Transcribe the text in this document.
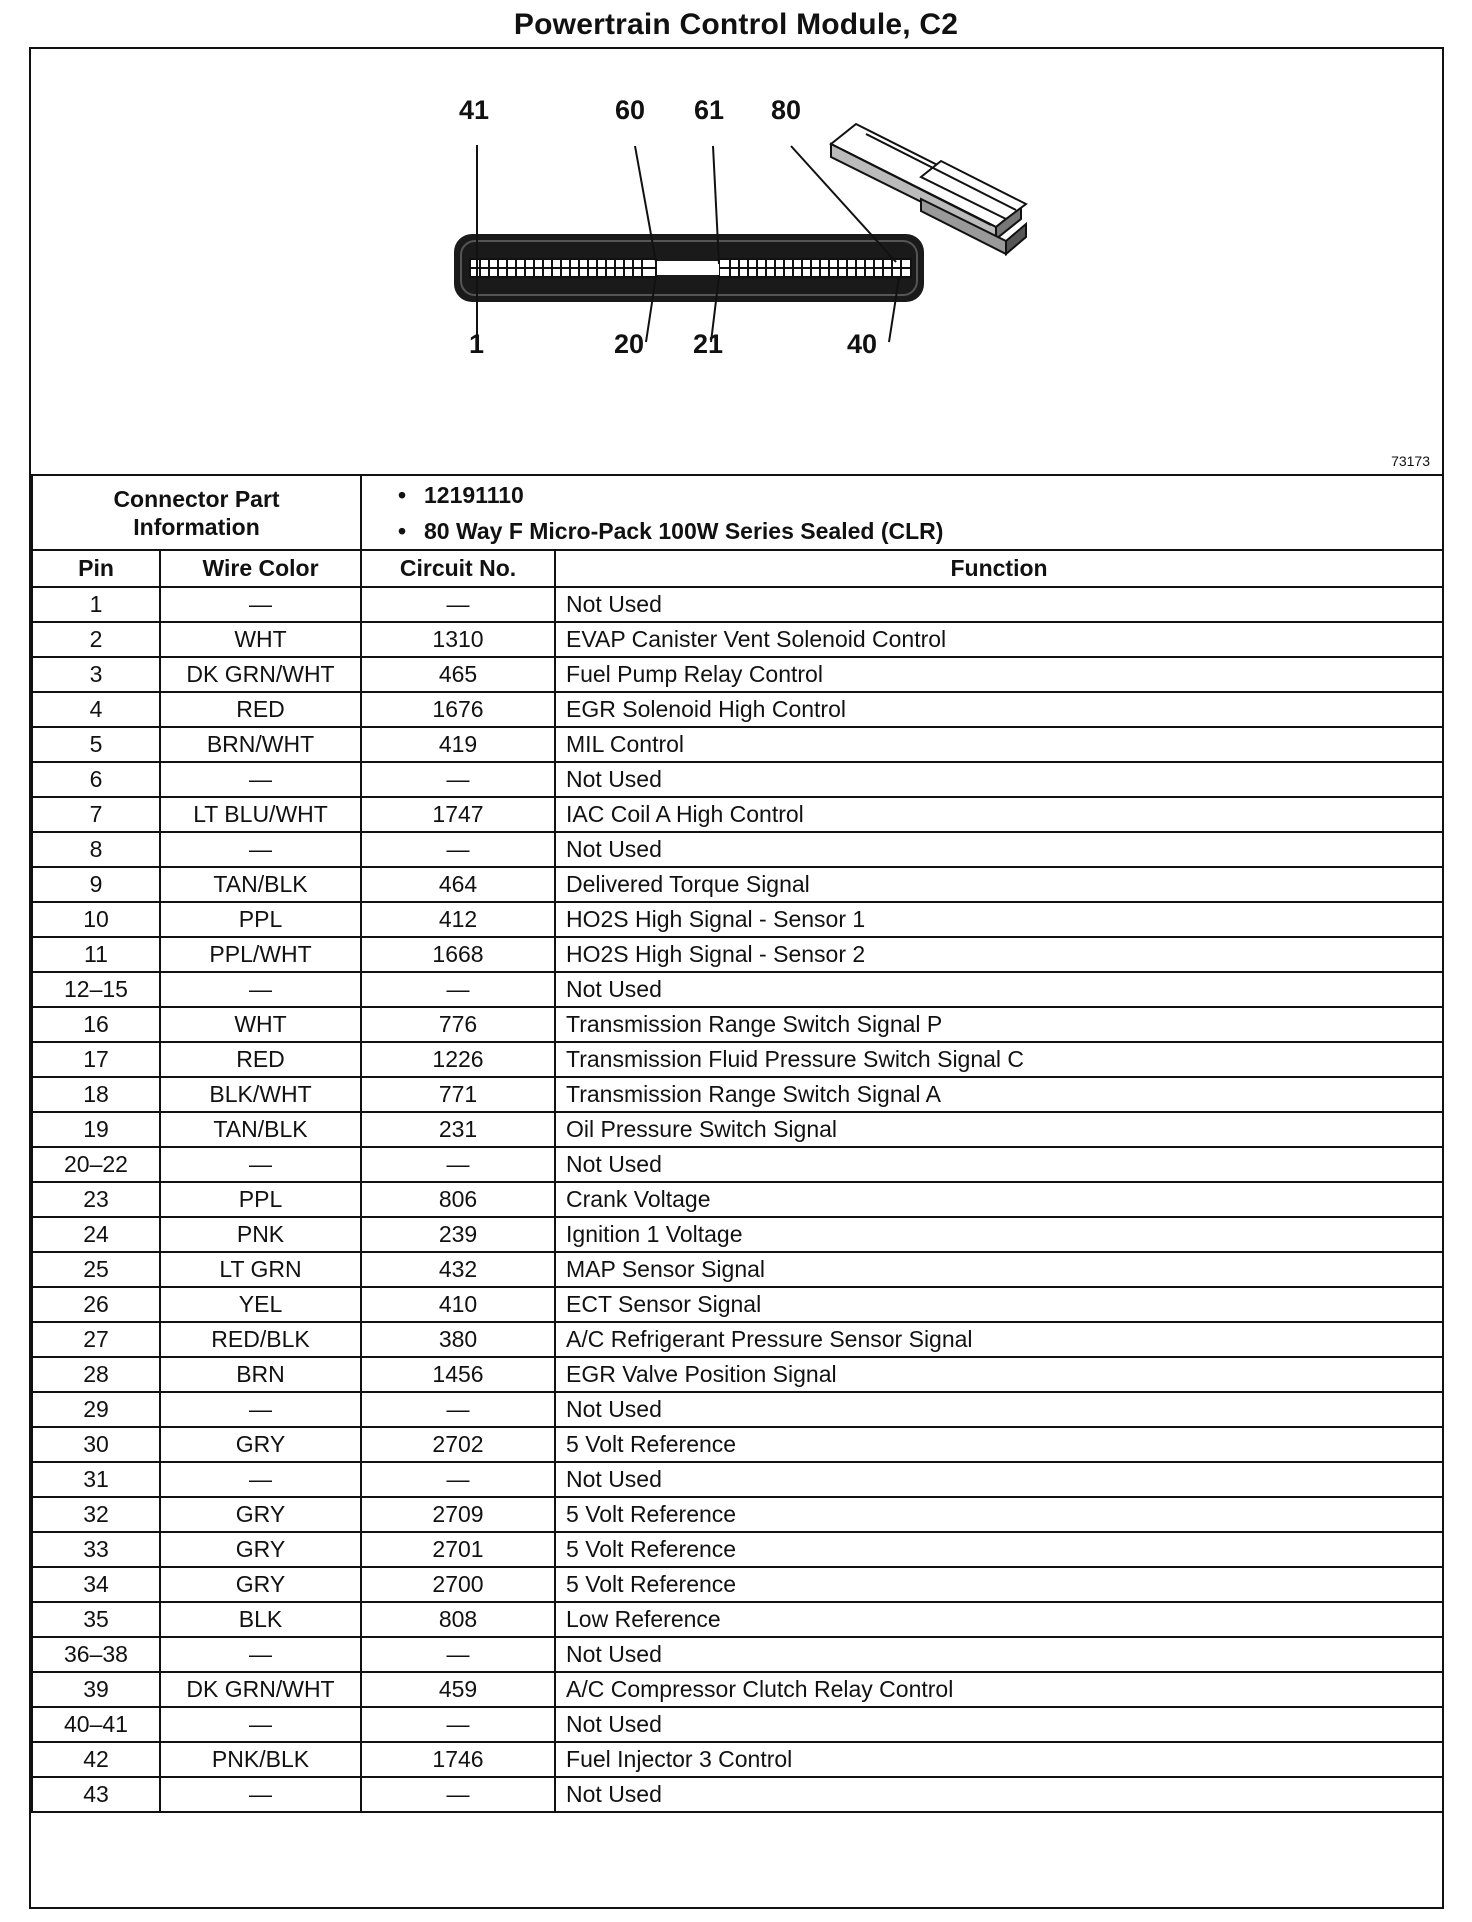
Powertrain Control Module, C2
41	60 61 80
1	20 21	40
73173
Connector Part Information		• 12191110
• 80 Way F Micro-Pack 100W Series Sealed (CLR)	

Pin	Wire Color	Circuit No.	Function
1	—	—	Not Used
2	WHT	1310	EVAP Canister Vent Solenoid Control
3	DK GRN/WHT	465	Fuel Pump Relay Control
4	RED	1676	EGR Solenoid High Control
5	BRN/WHT	419	MIL Control
6	—	—	Not Used
7	LT BLU/WHT	1747	IAC Coil A High Control
8	—	—	Not Used
9	TAN/BLK	464	Delivered Torque Signal
10	PPL	412	HO2S High Signal - Sensor 1
11	PPL/WHT	1668	HO2S High Signal - Sensor 2
12–15	—	—	Not Used
16	WHT	776	Transmission Range Switch Signal P
17	RED	1226	Transmission Fluid Pressure Switch Signal C
18	BLK/WHT	771	Transmission Range Switch Signal A
19	TAN/BLK	231	Oil Pressure Switch Signal
20–22	—	—	Not Used
23	PPL	806	Crank Voltage
24	PNK	239	Ignition 1 Voltage
25	LT GRN	432	MAP Sensor Signal
26	YEL	410	ECT Sensor Signal
27	RED/BLK	380	A/C Refrigerant Pressure Sensor Signal
28	BRN	1456	EGR Valve Position Signal
29	—	—	Not Used
30	GRY	2702	5 Volt Reference
31	—	—	Not Used
32	GRY	2709	5 Volt Reference
33	GRY	2701	5 Volt Reference
34	GRY	2700	5 Volt Reference
35	BLK	808	Low Reference
36–38	—	—	Not Used
39	DK GRN/WHT	459	A/C Compressor Clutch Relay Control
40–41	—	—	Not Used
42	PNK/BLK	1746	Fuel Injector 3 Control
43	—	—	Not Used
